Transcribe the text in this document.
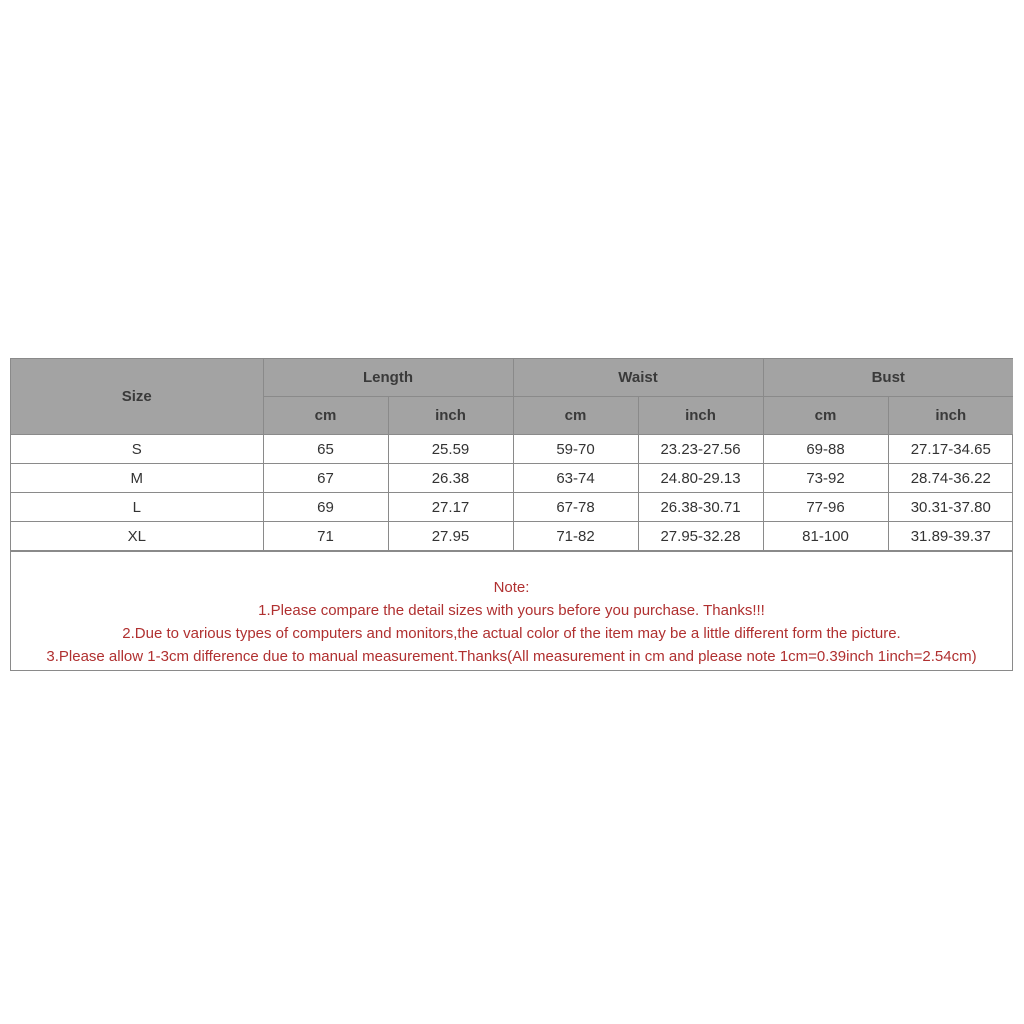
Size	Length		Waist		Bust	
	cm	inch	cm	inch	cm	inch
S	65	25.59	59-70	23.23-27.56	69-88	27.17-34.65
M	67	26.38	63-74	24.80-29.13	73-92	28.74-36.22
L	69	27.17	67-78	26.38-30.71	77-96	30.31-37.80
XL	71	27.95	71-82	27.95-32.28	81-100	31.89-39.37
Note:
1.Please compare the detail sizes with yours before you purchase. Thanks!!!
2.Due to various types of computers and monitors,the actual color of the item may be a little different form the picture.
3.Please allow 1-3cm difference due to manual measurement.Thanks(All measurement in cm and please note 1cm=0.39inch 1inch=2.54cm)
